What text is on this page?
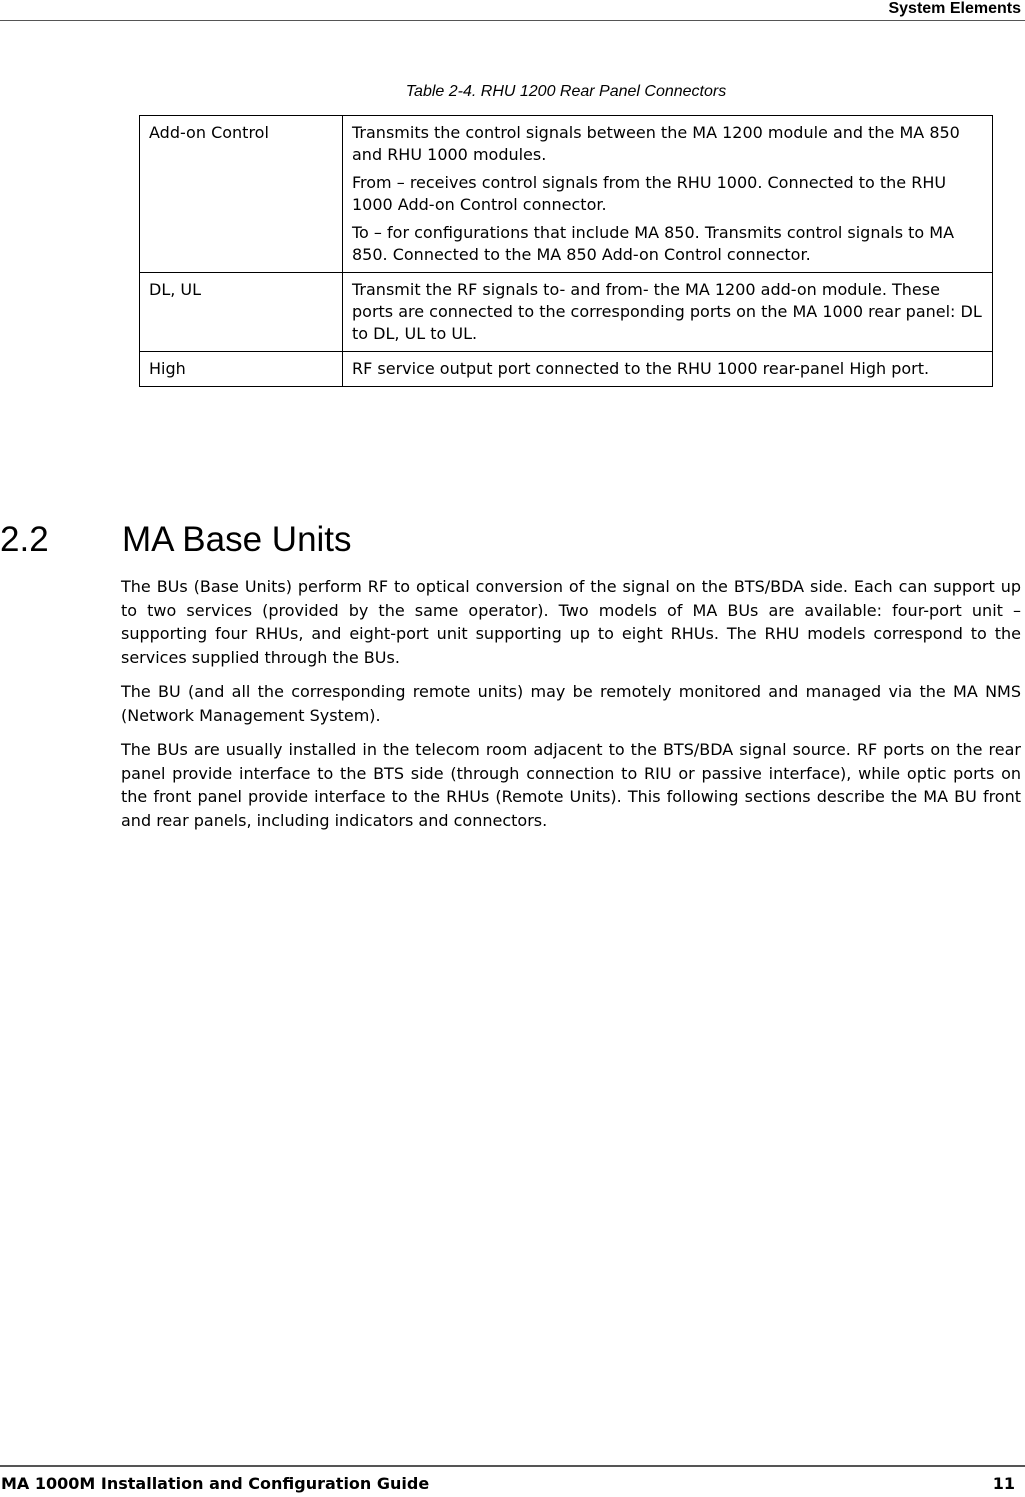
System Elements
Table 2-4. RHU 1200 Rear Panel Connectors
Add-on Control	Transmits the control signals between the MA 1200 module and the MA 850 and RHU 1000 modules.

From – receives control signals from the RHU 1000. Connected to the RHU 1000 Add-on Control connector.

To – for configurations that include MA 850. Transmits control signals to MA 850. Connected to the MA 850 Add-on Control connector.

DL, UL	Transmit the RF signals to- and from- the MA 1200 add-on module. These ports are connected to the corresponding ports on the MA 1000 rear panel: DL to DL, UL to UL.

High	RF service output port connected to the RHU 1000 rear-panel High port.

2.2 MA Base Units

The BUs (Base Units) perform RF to optical conversion of the signal on the BTS/BDA side. Each can support up to two services (provided by the same operator). Two models of MA BUs are available: four-port unit – supporting four RHUs, and eight-port unit supporting up to eight RHUs. The RHU models correspond to the services supplied through the BUs.

The BU (and all the corresponding remote units) may be remotely monitored and managed via the MA NMS (Network Management System).

The BUs are usually installed in the telecom room adjacent to the BTS/BDA signal source. RF ports on the rear panel provide interface to the BTS side (through connection to RIU or passive interface), while optic ports on the front panel provide interface to the RHUs (Remote Units). This following sections describe the MA BU front and rear panels, including indicators and connectors.

MA 1000M Installation and Configuration Guide	11
